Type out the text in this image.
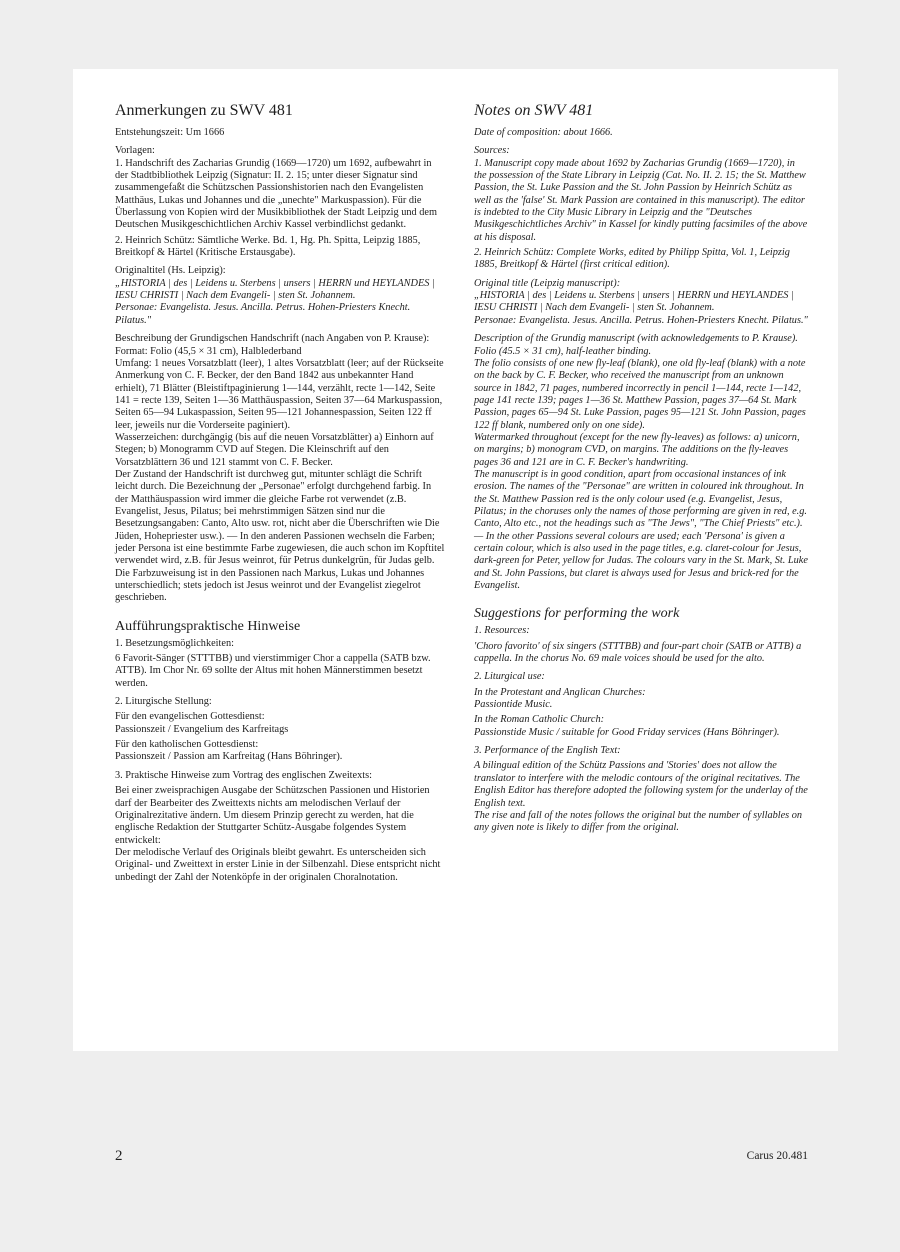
Anmerkungen zu SWV 481

Entstehungszeit: Um 1666

Vorlagen:

1. Handschrift des Zacharias Grundig (1669—1720) um 1692, aufbewahrt in der Stadtbibliothek Leipzig (Signatur: II. 2. 15; unter dieser Signatur sind zusammengefaßt die Schützschen Passionshistorien nach den Evangelisten Matthäus, Lukas und Johannes und die „unechte" Markuspassion). Für die Überlassung von Kopien wird der Musikbibliothek der Stadt Leipzig und dem Deutschen Musikgeschichtlichen Archiv Kassel verbindlichst gedankt.

2. Heinrich Schütz: Sämtliche Werke. Bd. 1, Hg. Ph. Spitta, Leipzig 1885, Breitkopf & Härtel (Kritische Erstausgabe).

Originaltitel (Hs. Leipzig):

„HISTORIA | des | Leidens u. Sterbens | unsers | HERRN und HEYLANDES | IESU CHRISTI | Nach dem Evangeli- | sten St. Johannem.

Personae: Evangelista. Jesus. Ancilla. Petrus. Hohen-Priesters Knecht. Pilatus."

Beschreibung der Grundigschen Handschrift (nach Angaben von P. Krause):

Format: Folio (45,5 × 31 cm), Halblederband

Umfang: 1 neues Vorsatzblatt (leer), 1 altes Vorsatzblatt (leer; auf der Rückseite Anmerkung von C. F. Becker, der den Band 1842 aus unbekannter Hand erhielt), 71 Blätter (Bleistiftpaginierung 1—144, verzählt, recte 1—142, Seite 141 = recte 139, Seiten 1—36 Matthäuspassion, Seiten 37—64 Markuspassion, Seiten 65—94 Lukaspassion, Seiten 95—121 Johannespassion, Seiten 122 ff leer, jeweils nur die Vorderseite paginiert).

Wasserzeichen: durchgängig (bis auf die neuen Vorsatzblätter) a) Einhorn auf Stegen; b) Monogramm CVD auf Stegen. Die Kleinschrift auf den Vorsatzblättern 36 und 121 stammt von C. F. Becker.

Der Zustand der Handschrift ist durchweg gut, mitunter schlägt die Schrift leicht durch. Die Bezeichnung der „Personae" erfolgt durchgehend farbig. In der Matthäuspassion wird immer die gleiche Farbe rot verwendet (z.B. Evangelist, Jesus, Pilatus; bei mehrstimmigen Sätzen sind nur die Besetzungsangaben: Canto, Alto usw. rot, nicht aber die Überschriften wie Die Jüden, Hohepriester usw.). — In den anderen Passionen wechseln die Farben; jeder Persona ist eine bestimmte Farbe zugewiesen, die auch schon im Kopftitel verwendet wird, z.B. für Jesus weinrot, für Petrus dunkelgrün, für Judas gelb. Die Farbzuweisung ist in den Passionen nach Markus, Lukas und Johannes unterschiedlich; stets jedoch ist Jesus weinrot und der Evangelist ziegelrot geschrieben.

Aufführungspraktische Hinweise

1. Besetzungsmöglichkeiten:

6 Favorit-Sänger (STTTBB) und vierstimmiger Chor a cappella (SATB bzw. ATTB). Im Chor Nr. 69 sollte der Altus mit hohen Männerstimmen besetzt werden.

2. Liturgische Stellung:

Für den evangelischen Gottesdienst:

Passionszeit / Evangelium des Karfreitags

Für den katholischen Gottesdienst:

Passionszeit / Passion am Karfreitag (Hans Böhringer).

3. Praktische Hinweise zum Vortrag des englischen Zweitexts:

Bei einer zweisprachigen Ausgabe der Schützschen Passionen und Historien darf der Bearbeiter des Zweittexts nichts am melodischen Verlauf der Originalrezitative ändern. Um diesem Prinzip gerecht zu werden, hat die englische Redaktion der Stuttgarter Schütz-Ausgabe folgendes System entwickelt:

Der melodische Verlauf des Originals bleibt gewahrt. Es unterscheiden sich Original- und Zweittext in erster Linie in der Silbenzahl. Diese entspricht nicht unbedingt der Zahl der Notenköpfe in der originalen Choralnotation.

Notes on SWV 481

Date of composition: about 1666.

Sources:

1. Manuscript copy made about 1692 by Zacharias Grundig (1669—1720), in the possession of the State Library in Leipzig (Cat. No. II. 2. 15; the St. Matthew Passion, the St. Luke Passion and the St. John Passion by Heinrich Schütz as well as the 'false' St. Mark Passion are contained in this manuscript). The editor is indebted to the City Music Library in Leipzig and the "Deutsches Musikgeschichtliches Archiv" in Kassel for kindly putting facsimiles of the above at his disposal.

2. Heinrich Schütz: Complete Works, edited by Philipp Spitta, Vol. 1, Leipzig 1885, Breitkopf & Härtel (first critical edition).

Original title (Leipzig manuscript):

„HISTORIA | des | Leidens u. Sterbens | unsers | HERRN und HEYLANDES | IESU CHRISTI | Nach dem Evangeli- | sten St. Johannem.

Personae: Evangelista. Jesus. Ancilla. Petrus. Hohen-Priesters Knecht. Pilatus."

Description of the Grundig manuscript (with acknowledgements to P. Krause).

Folio (45.5 × 31 cm), half-leather binding.

The folio consists of one new fly-leaf (blank), one old fly-leaf (blank) with a note on the back by C. F. Becker, who received the manuscript from an unknown source in 1842, 71 pages, numbered incorrectly in pencil 1—144, recte 1—142, page 141 recte 139; pages 1—36 St. Matthew Passion, pages 37—64 St. Mark Passion, pages 65—94 St. Luke Passion, pages 95—121 St. John Passion, pages 122 ff blank, numbered only on one side).

Watermarked throughout (except for the new fly-leaves) as follows: a) unicorn, on margins; b) monogram CVD, on margins. The additions on the fly-leaves pages 36 and 121 are in C. F. Becker's handwriting.

The manuscript is in good condition, apart from occasional instances of ink erosion. The names of the "Personae" are written in coloured ink throughout. In the St. Matthew Passion red is the only colour used (e.g. Evangelist, Jesus, Pilatus; in the choruses only the names of those performing are given in red, e.g. Canto, Alto etc., not the headings such as "The Jews", "The Chief Priests" etc.). — In the other Passions several colours are used; each 'Persona' is given a certain colour, which is also used in the page titles, e.g. claret-colour for Jesus, dark-green for Peter, yellow for Judas. The colours vary in the St. Mark, St. Luke and St. John Passions, but claret is always used for Jesus and brick-red for the Evangelist.

Suggestions for performing the work

1. Resources:

'Choro favorito' of six singers (STTTBB) and four-part choir (SATB or ATTB) a cappella. In the chorus No. 69 male voices should be used for the alto.

2. Liturgical use:

In the Protestant and Anglican Churches:

Passiontide Music.

In the Roman Catholic Church:

Passionstide Music / suitable for Good Friday services (Hans Böhringer).

3. Performance of the English Text:

A bilingual edition of the Schütz Passions and 'Stories' does not allow the translator to interfere with the melodic contours of the original recitatives. The English Editor has therefore adopted the following system for the underlay of the English text.

The rise and fall of the notes follows the original but the number of syllables on any given note is likely to differ from the original.

2	Carus 20.481
